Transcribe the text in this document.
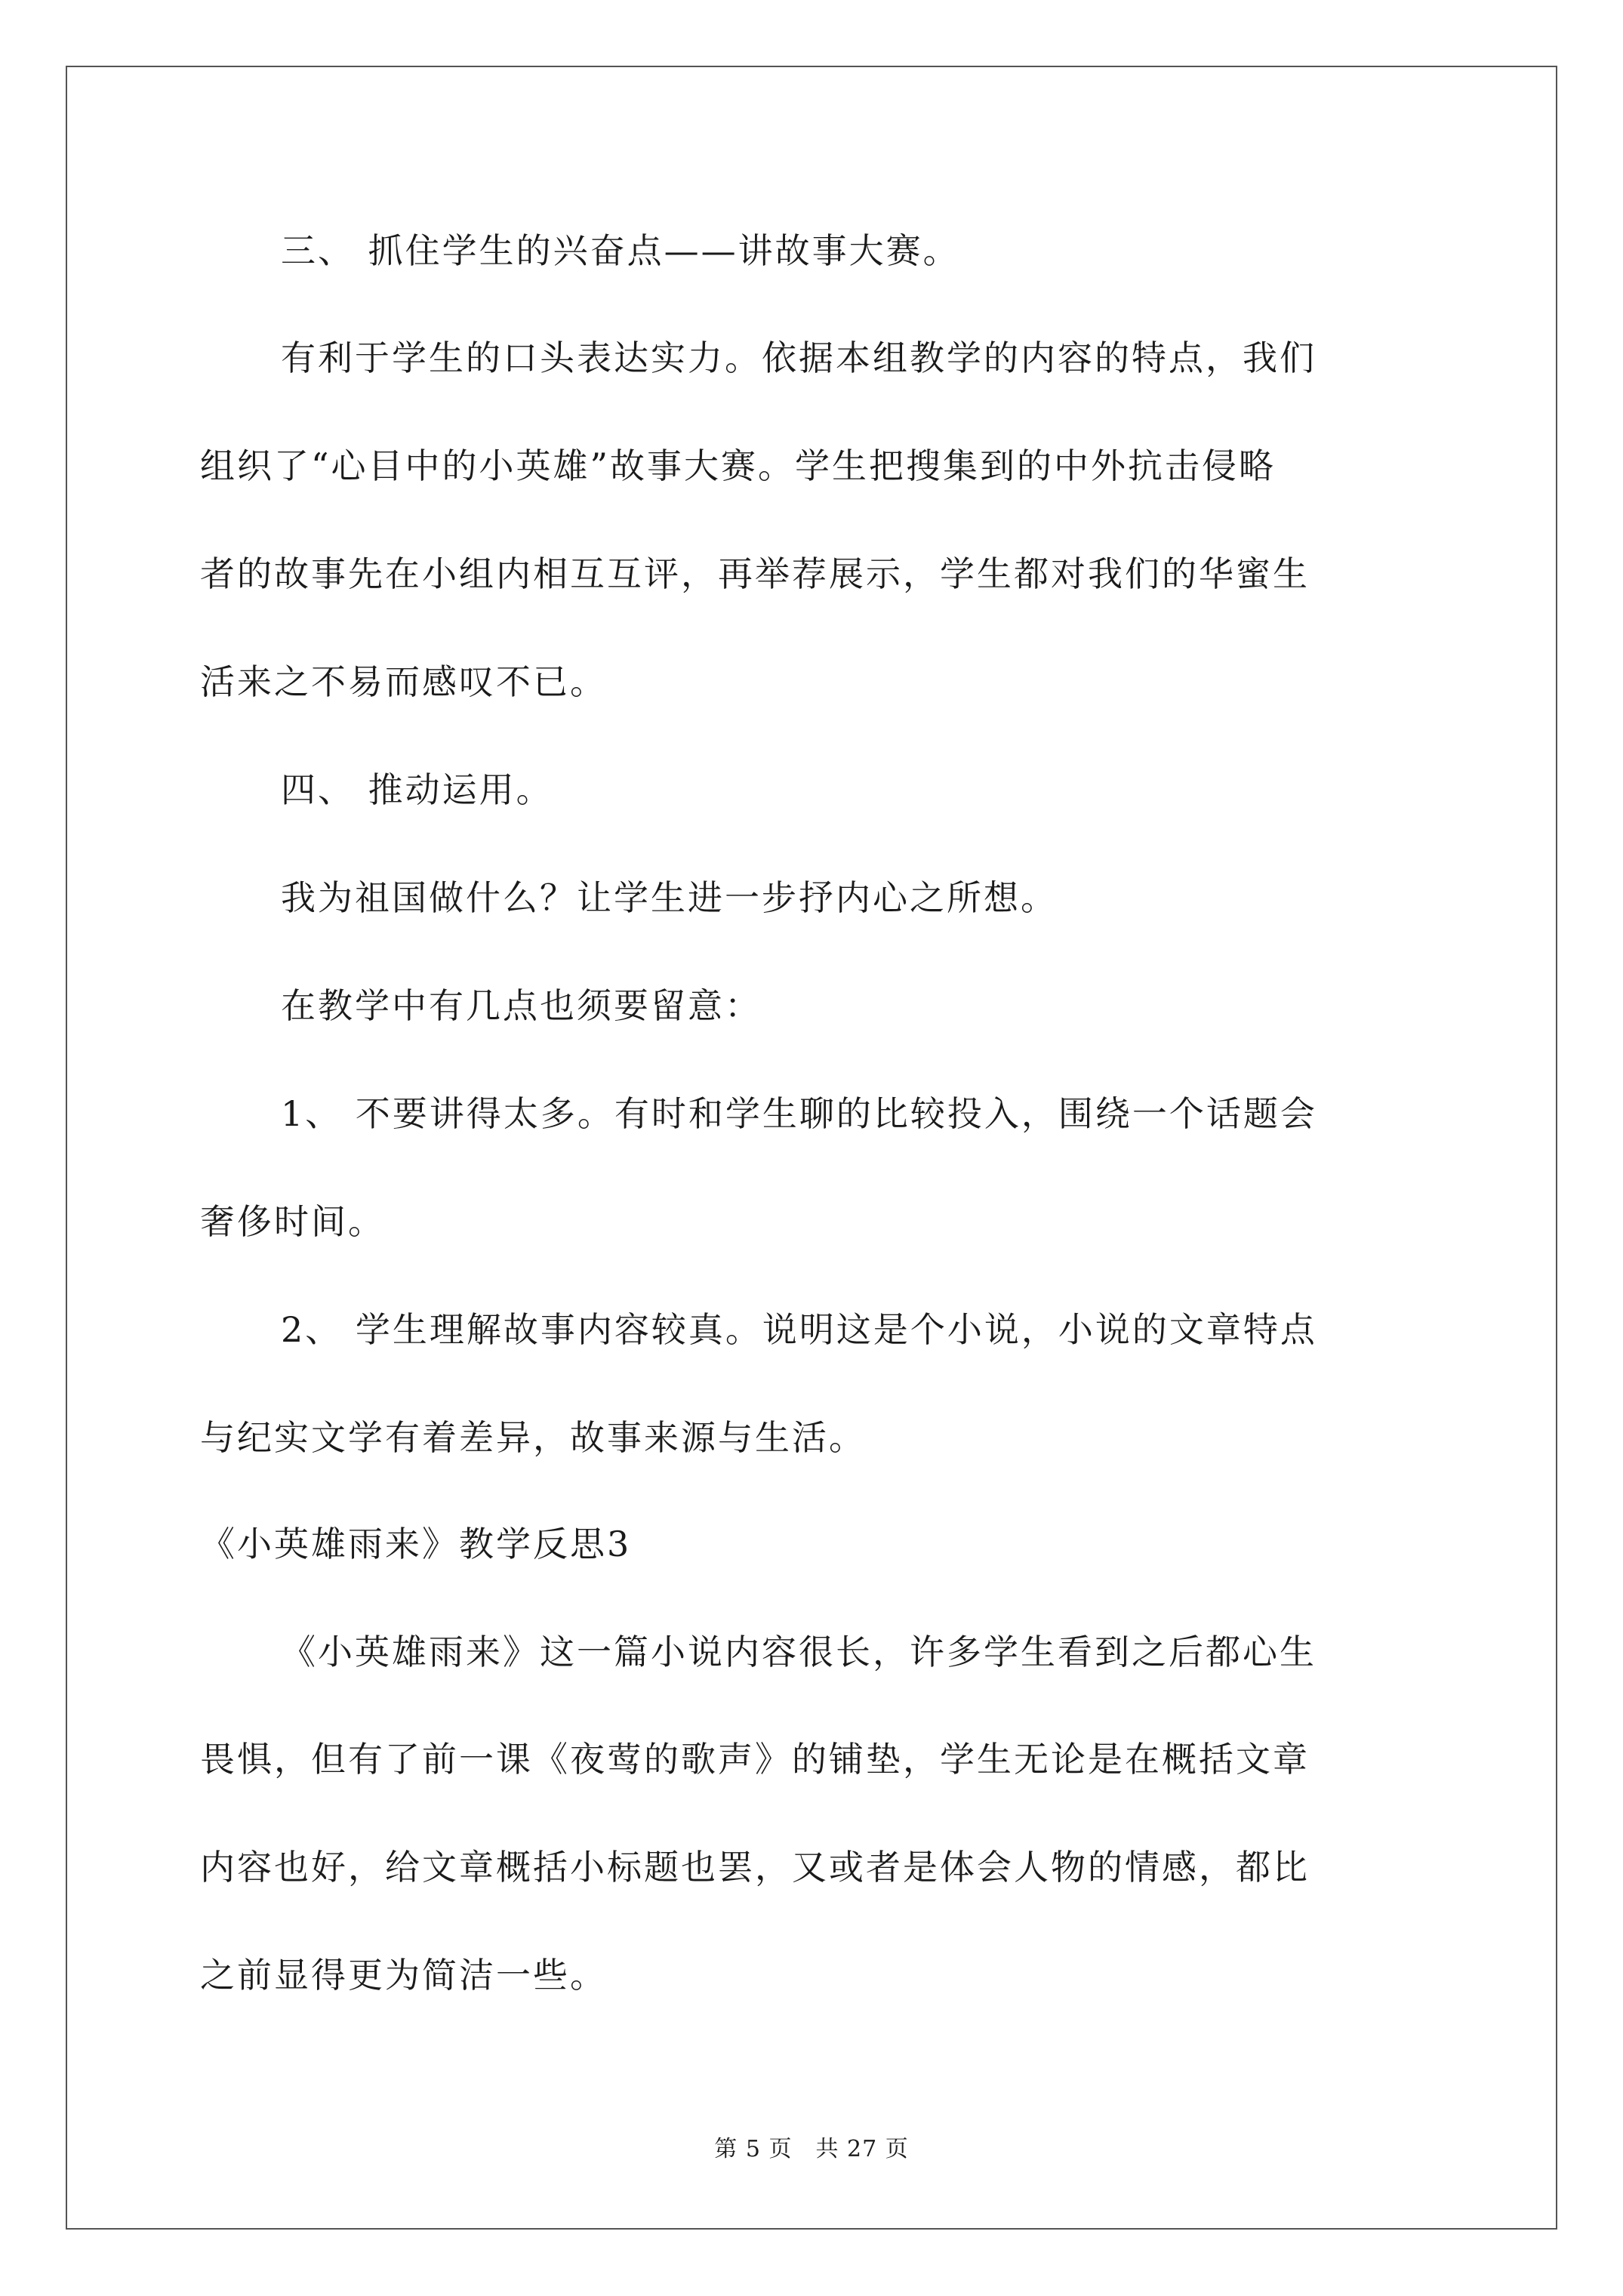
三、 抓住学生的兴奋点——讲故事大赛。
有利于学生的口头表达实力。依据本组教学的内容的特点，我们
组织了“心目中的小英雄”故事大赛。学生把搜集到的中外抗击侵略
者的故事先在小组内相互互评，再举荐展示，学生都对我们的华蜜生
活来之不易而感叹不已。
四、 推动运用。
我为祖国做什么？让学生进一步抒内心之所想。
在教学中有几点也须要留意：
1、 不要讲得太多。有时和学生聊的比较投入，围绕一个话题会
奢侈时间。
2、 学生理解故事内容较真。说明这是个小说，小说的文章特点
与纪实文学有着差异，故事来源与生活。
《小英雄雨来》教学反思3
《小英雄雨来》这一篇小说内容很长，许多学生看到之后都心生
畏惧，但有了前一课《夜莺的歌声》的铺垫，学生无论是在概括文章
内容也好，给文章概括小标题也罢，又或者是体会人物的情感，都比
之前显得更为简洁一些。
第 5 页　共 27 页
